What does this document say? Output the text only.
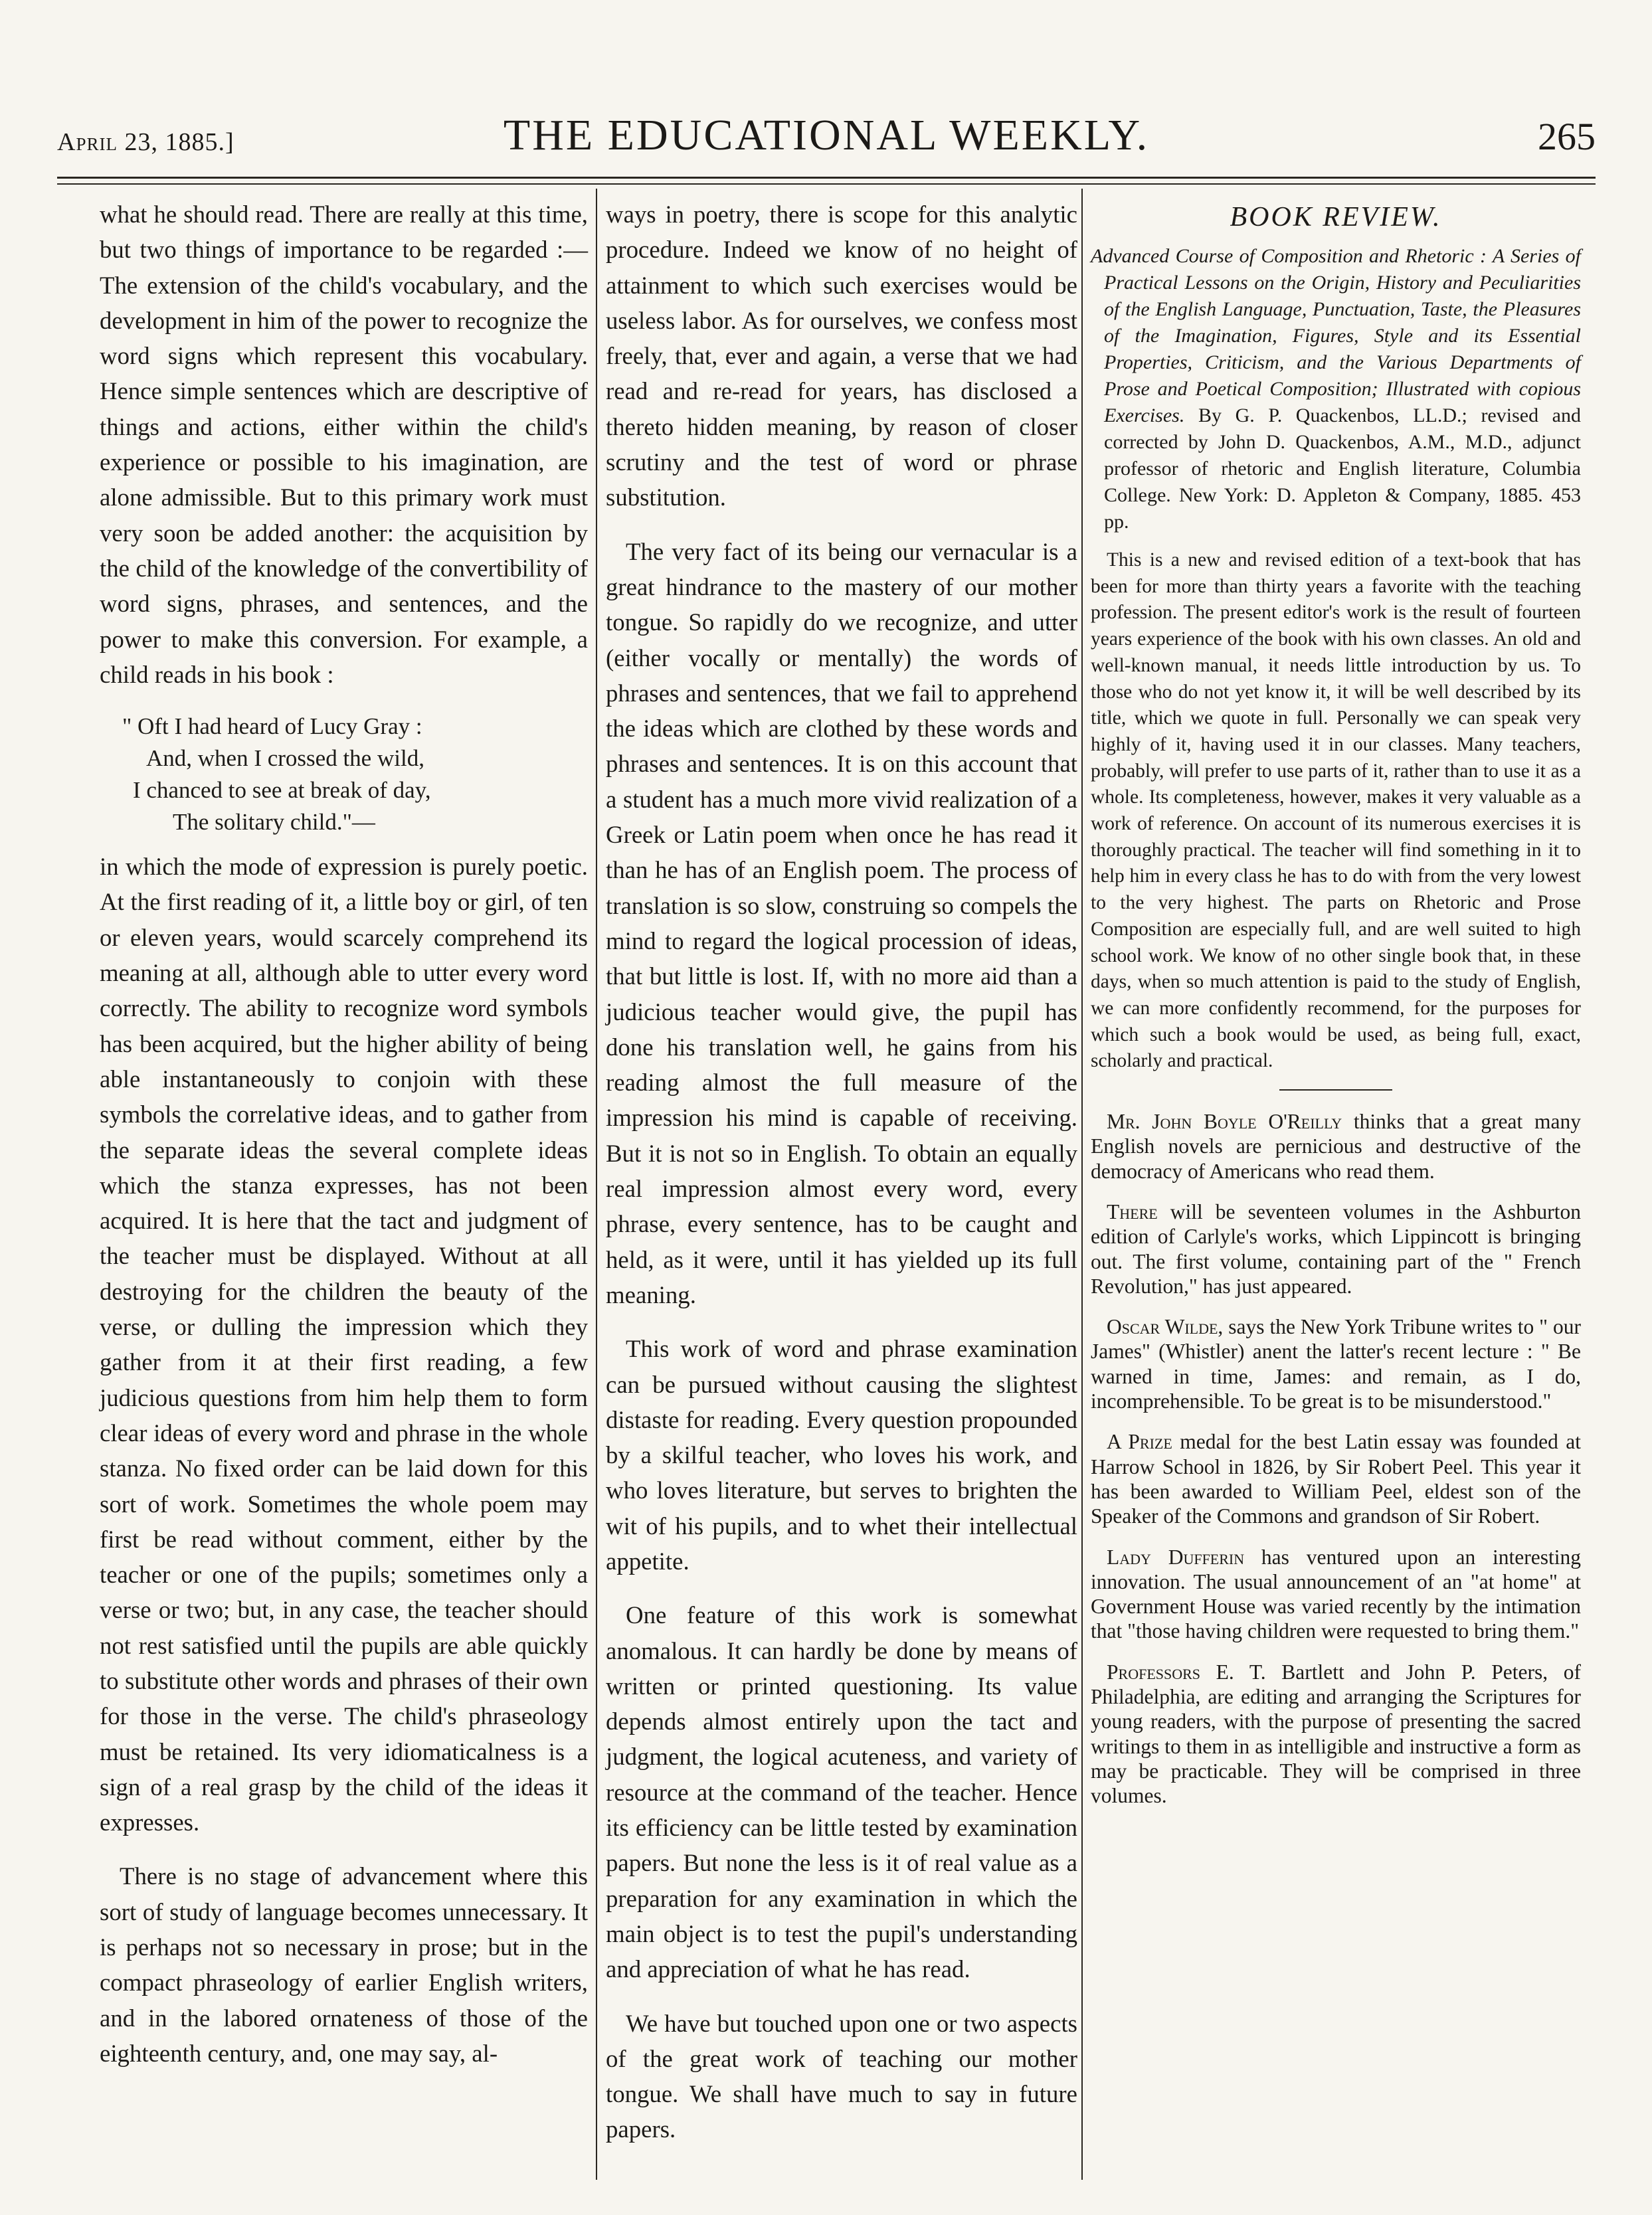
April 23, 1885.]	THE EDUCATIONAL WEEKLY.	265

what he should read. There are really at this time, but two things of importance to be regarded :—The extension of the child's vocabulary, and the development in him of the power to recognize the word signs which represent this vocabulary. Hence simple sentences which are descriptive of things and actions, either within the child's experience or possible to his imagination, are alone admissible. But to this primary work must very soon be added another: the acquisition by the child of the knowledge of the convertibility of word signs, phrases, and sentences, and the power to make this conversion. For example, a child reads in his book :

" Oft I had heard of Lucy Gray :
And, when I crossed the wild,
I chanced to see at break of day,
The solitary child."—

in which the mode of expression is purely poetic. At the first reading of it, a little boy or girl, of ten or eleven years, would scarcely comprehend its meaning at all, although able to utter every word correctly. The ability to recognize word symbols has been acquired, but the higher ability of being able instantaneously to conjoin with these symbols the correlative ideas, and to gather from the separate ideas the several complete ideas which the stanza expresses, has not been acquired. It is here that the tact and judgment of the teacher must be displayed. Without at all destroying for the children the beauty of the verse, or dulling the impression which they gather from it at their first reading, a few judicious questions from him help them to form clear ideas of every word and phrase in the whole stanza. No fixed order can be laid down for this sort of work. Sometimes the whole poem may first be read without comment, either by the teacher or one of the pupils; sometimes only a verse or two; but, in any case, the teacher should not rest satisfied until the pupils are able quickly to substitute other words and phrases of their own for those in the verse. The child's phraseology must be retained. Its very idiomaticalness is a sign of a real grasp by the child of the ideas it expresses.

There is no stage of advancement where this sort of study of language becomes unnecessary. It is perhaps not so necessary in prose; but in the compact phraseology of earlier English writers, and in the labored ornateness of those of the eighteenth century, and, one may say, al-

ways in poetry, there is scope for this analytic procedure. Indeed we know of no height of attainment to which such exercises would be useless labor. As for ourselves, we confess most freely, that, ever and again, a verse that we had read and re-read for years, has disclosed a thereto hidden meaning, by reason of closer scrutiny and the test of word or phrase substitution.

The very fact of its being our vernacular is a great hindrance to the mastery of our mother tongue. So rapidly do we recognize, and utter (either vocally or mentally) the words of phrases and sentences, that we fail to apprehend the ideas which are clothed by these words and phrases and sentences. It is on this account that a student has a much more vivid realization of a Greek or Latin poem when once he has read it than he has of an English poem. The process of translation is so slow, construing so compels the mind to regard the logical procession of ideas, that but little is lost. If, with no more aid than a judicious teacher would give, the pupil has done his translation well, he gains from his reading almost the full measure of the impression his mind is capable of receiving. But it is not so in English. To obtain an equally real impression almost every word, every phrase, every sentence, has to be caught and held, as it were, until it has yielded up its full meaning.

This work of word and phrase examination can be pursued without causing the slightest distaste for reading. Every question propounded by a skilful teacher, who loves his work, and who loves literature, but serves to brighten the wit of his pupils, and to whet their intellectual appetite.

One feature of this work is somewhat anomalous. It can hardly be done by means of written or printed questioning. Its value depends almost entirely upon the tact and judgment, the logical acuteness, and variety of resource at the command of the teacher. Hence its efficiency can be little tested by examination papers. But none the less is it of real value as a preparation for any examination in which the main object is to test the pupil's understanding and appreciation of what he has read.

We have but touched upon one or two aspects of the great work of teaching our mother tongue. We shall have much to say in future papers.

BOOK REVIEW.
Advanced Course of Composition and Rhetoric : A Series of Practical Lessons on the Origin, History and Peculiarities of the English Language, Punctuation, Taste, the Pleasures of the Imagination, Figures, Style and its Essential Properties, Criticism, and the Various Departments of Prose and Poetical Composition; Illustrated with copious Exercises. By G. P. Quackenbos, LL.D.; revised and corrected by John D. Quackenbos, A.M., M.D., adjunct professor of rhetoric and English literature, Columbia College. New York: D. Appleton & Company, 1885. 453 pp.
This is a new and revised edition of a text-book that has been for more than thirty years a favorite with the teaching profession. The present editor's work is the result of fourteen years experience of the book with his own classes. An old and well-known manual, it needs little introduction by us. To those who do not yet know it, it will be well described by its title, which we quote in full. Personally we can speak very highly of it, having used it in our classes. Many teachers, probably, will prefer to use parts of it, rather than to use it as a whole. Its completeness, however, makes it very valuable as a work of reference. On account of its numerous exercises it is thoroughly practical. The teacher will find something in it to help him in every class he has to do with from the very lowest to the very highest. The parts on Rhetoric and Prose Composition are especially full, and are well suited to high school work. We know of no other single book that, in these days, when so much attention is paid to the study of English, we can more confidently recommend, for the purposes for which such a book would be used, as being full, exact, scholarly and practical.
Mr. John Boyle O'Reilly thinks that a great many English novels are pernicious and destructive of the democracy of Americans who read them.
There will be seventeen volumes in the Ashburton edition of Carlyle's works, which Lippincott is bringing out. The first volume, containing part of the " French Revolution," has just appeared.
Oscar Wilde, says the New York Tribune writes to " our James" (Whistler) anent the latter's recent lecture : " Be warned in time, James: and remain, as I do, incomprehensible. To be great is to be misunderstood."
A Prize medal for the best Latin essay was founded at Harrow School in 1826, by Sir Robert Peel. This year it has been awarded to William Peel, eldest son of the Speaker of the Commons and grandson of Sir Robert.
Lady Dufferin has ventured upon an interesting innovation. The usual announcement of an "at home" at Government House was varied recently by the intimation that "those having children were requested to bring them."
Professors E. T. Bartlett and John P. Peters, of Philadelphia, are editing and arranging the Scriptures for young readers, with the purpose of presenting the sacred writings to them in as intelligible and instructive a form as may be practicable. They will be comprised in three volumes.
